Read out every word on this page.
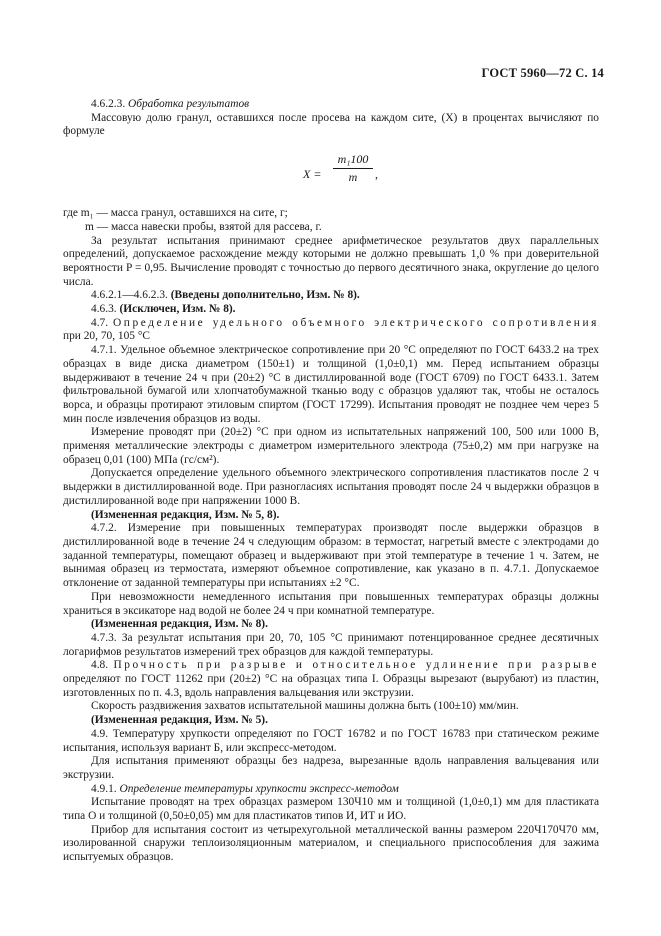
ГОСТ 5960—72 С. 14

4.6.2.3. Обработка результатов

Массовую долю гранул, оставшихся после просева на каждом сите, (X) в процентах вычисляют по формуле

$X = \frac{\text{m₁100}}{m}$ ,

где m₁ — масса гранул, оставшихся на сите, г;

m — масса навески пробы, взятой для рассева, г.

За результат испытания принимают среднее арифметическое результатов двух параллельных определений, допускаемое расхождение между которыми не должно превышать 1,0 % при доверительной вероятности P = 0,95. Вычисление проводят с точностью до первого десятичного знака, округление до целого числа.

4.6.2.1—4.6.2.3. (Введены дополнительно, Изм. № 8).

4.6.3. (Исключен, Изм. № 8).

4.7. Определение удельного объемного электрического сопротивления при 20, 70, 105 °С

4.7.1. Удельное объемное электрическое сопротивление при 20 °С определяют по ГОСТ 6433.2 на трех образцах в виде диска диаметром (150±1) и толщиной (1,0±0,1) мм. Перед испытанием образцы выдерживают в течение 24 ч при (20±2) °С в дистиллированной воде (ГОСТ 6709) по ГОСТ 6433.1. Затем фильтровальной бумагой или хлопчатобумажной тканью воду с образцов удаляют так, чтобы не осталось ворса, и образцы протирают этиловым спиртом (ГОСТ 17299). Испытания проводят не позднее чем через 5 мин после извлечения образцов из воды.

Измерение проводят при (20±2) °С при одном из испытательных напряжений 100, 500 или 1000 В, применяя металлические электроды с диаметром измерительного электрода (75±0,2) мм при нагрузке на образец 0,01 (100) МПа (гс/см²).

Допускается определение удельного объемного электрического сопротивления пластикатов после 2 ч выдержки в дистиллированной воде. При разногласиях испытания проводят после 24 ч выдержки образцов в дистиллированной воде при напряжении 1000 В.

(Измененная редакция, Изм. № 5, 8).

4.7.2. Измерение при повышенных температурах производят после выдержки образцов в дистиллированной воде в течение 24 ч следующим образом: в термостат, нагретый вместе с электродами до заданной температуры, помещают образец и выдерживают при этой температуре в течение 1 ч. Затем, не вынимая образец из термостата, измеряют объемное сопротивление, как указано в п. 4.7.1. Допускаемое отклонение от заданной температуры при испытаниях ±2 °С.

При невозможности немедленного испытания при повышенных температурах образцы должны храниться в эксикаторе над водой не более 24 ч при комнатной температуре.

(Измененная редакция, Изм. № 8).

4.7.3. За результат испытания при 20, 70, 105 °С принимают потенцированное среднее десятичных логарифмов результатов измерений трех образцов для каждой температуры.

4.8. Прочность при разрыве и относительное удлинение при разрыве определяют по ГОСТ 11262 при (20±2) °С на образцах типа I. Образцы вырезают (вырубают) из пластин, изготовленных по п. 4.3, вдоль направления вальцевания или экструзии.

Скорость раздвижения захватов испытательной машины должна быть (100±10) мм/мин.

(Измененная редакция, Изм. № 5).

4.9. Температуру хрупкости определяют по ГОСТ 16782 и по ГОСТ 16783 при статическом режиме испытания, используя вариант Б, или экспресс-методом.

Для испытания применяют образцы без надреза, вырезанные вдоль направления вальцевания или экструзии.

4.9.1. Определение температуры хрупкости экспресс-методом

Испытание проводят на трех образцах размером 130Ч10 мм и толщиной (1,0±0,1) мм для пластиката типа О и толщиной (0,50±0,05) мм для пластикатов типов И, ИТ и ИО.

Прибор для испытания состоит из четырехугольной металлической ванны размером 220Ч170Ч70 мм, изолированной снаружи теплоизоляционным материалом, и специального приспособления для зажима испытуемых образцов.
